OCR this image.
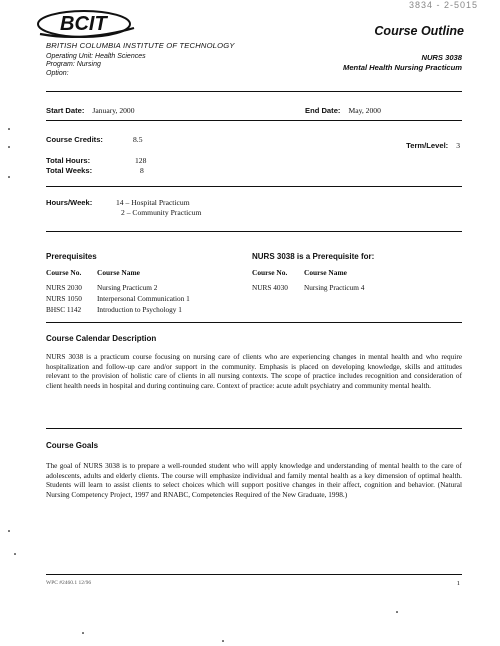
BCIT
3834 - 2-5015
Course Outline
BRITISH COLUMBIA INSTITUTE OF TECHNOLOGY
Operating Unit: Health Sciences
Program: Nursing
Option:
NURS 3038
Mental Health Nursing Practicum
Start Date: January, 2000	End Date: May, 2000
Course Credits:	8.5
Term/Level: 3
Total Hours:	128
Total Weeks:	8
Hours/Week:	14 – Hospital Practicum
2 – Community Practicum
Prerequisites
Course No. Course Name
NURS 2030 Nursing Practicum 2
NURS 1050 Interpersonal Communication 1
BHSC 1142 Introduction to Psychology 1
NURS 3038 is a Prerequisite for:
Course No. Course Name
NURS 4030 Nursing Practicum 4
Course Calendar Description
NURS 3038 is a practicum course focusing on nursing care of clients who are experiencing changes in mental health and who require hospitalization and follow-up care and/or support in the community. Emphasis is placed on developing knowledge, skills and attitudes relevant to the provision of holistic care of clients in all nursing contexts. The scope of practice includes recognition and consideration of client health needs in hospital and during continuing care. Context of practice: acute adult psychiatry and community mental health.
Course Goals
The goal of NURS 3038 is to prepare a well-rounded student who will apply knowledge and understanding of mental health to the care of adolescents, adults and elderly clients. The course will emphasize individual and family mental health as a key dimension of optimal health. Students will learn to assist clients to select choices which will support positive changes in their affect, cognition and behavior. (Natural Nursing Competency Project, 1997 and RNABC, Competencies Required of the New Graduate, 1998.)
WPC #2460.1 12/96	1
